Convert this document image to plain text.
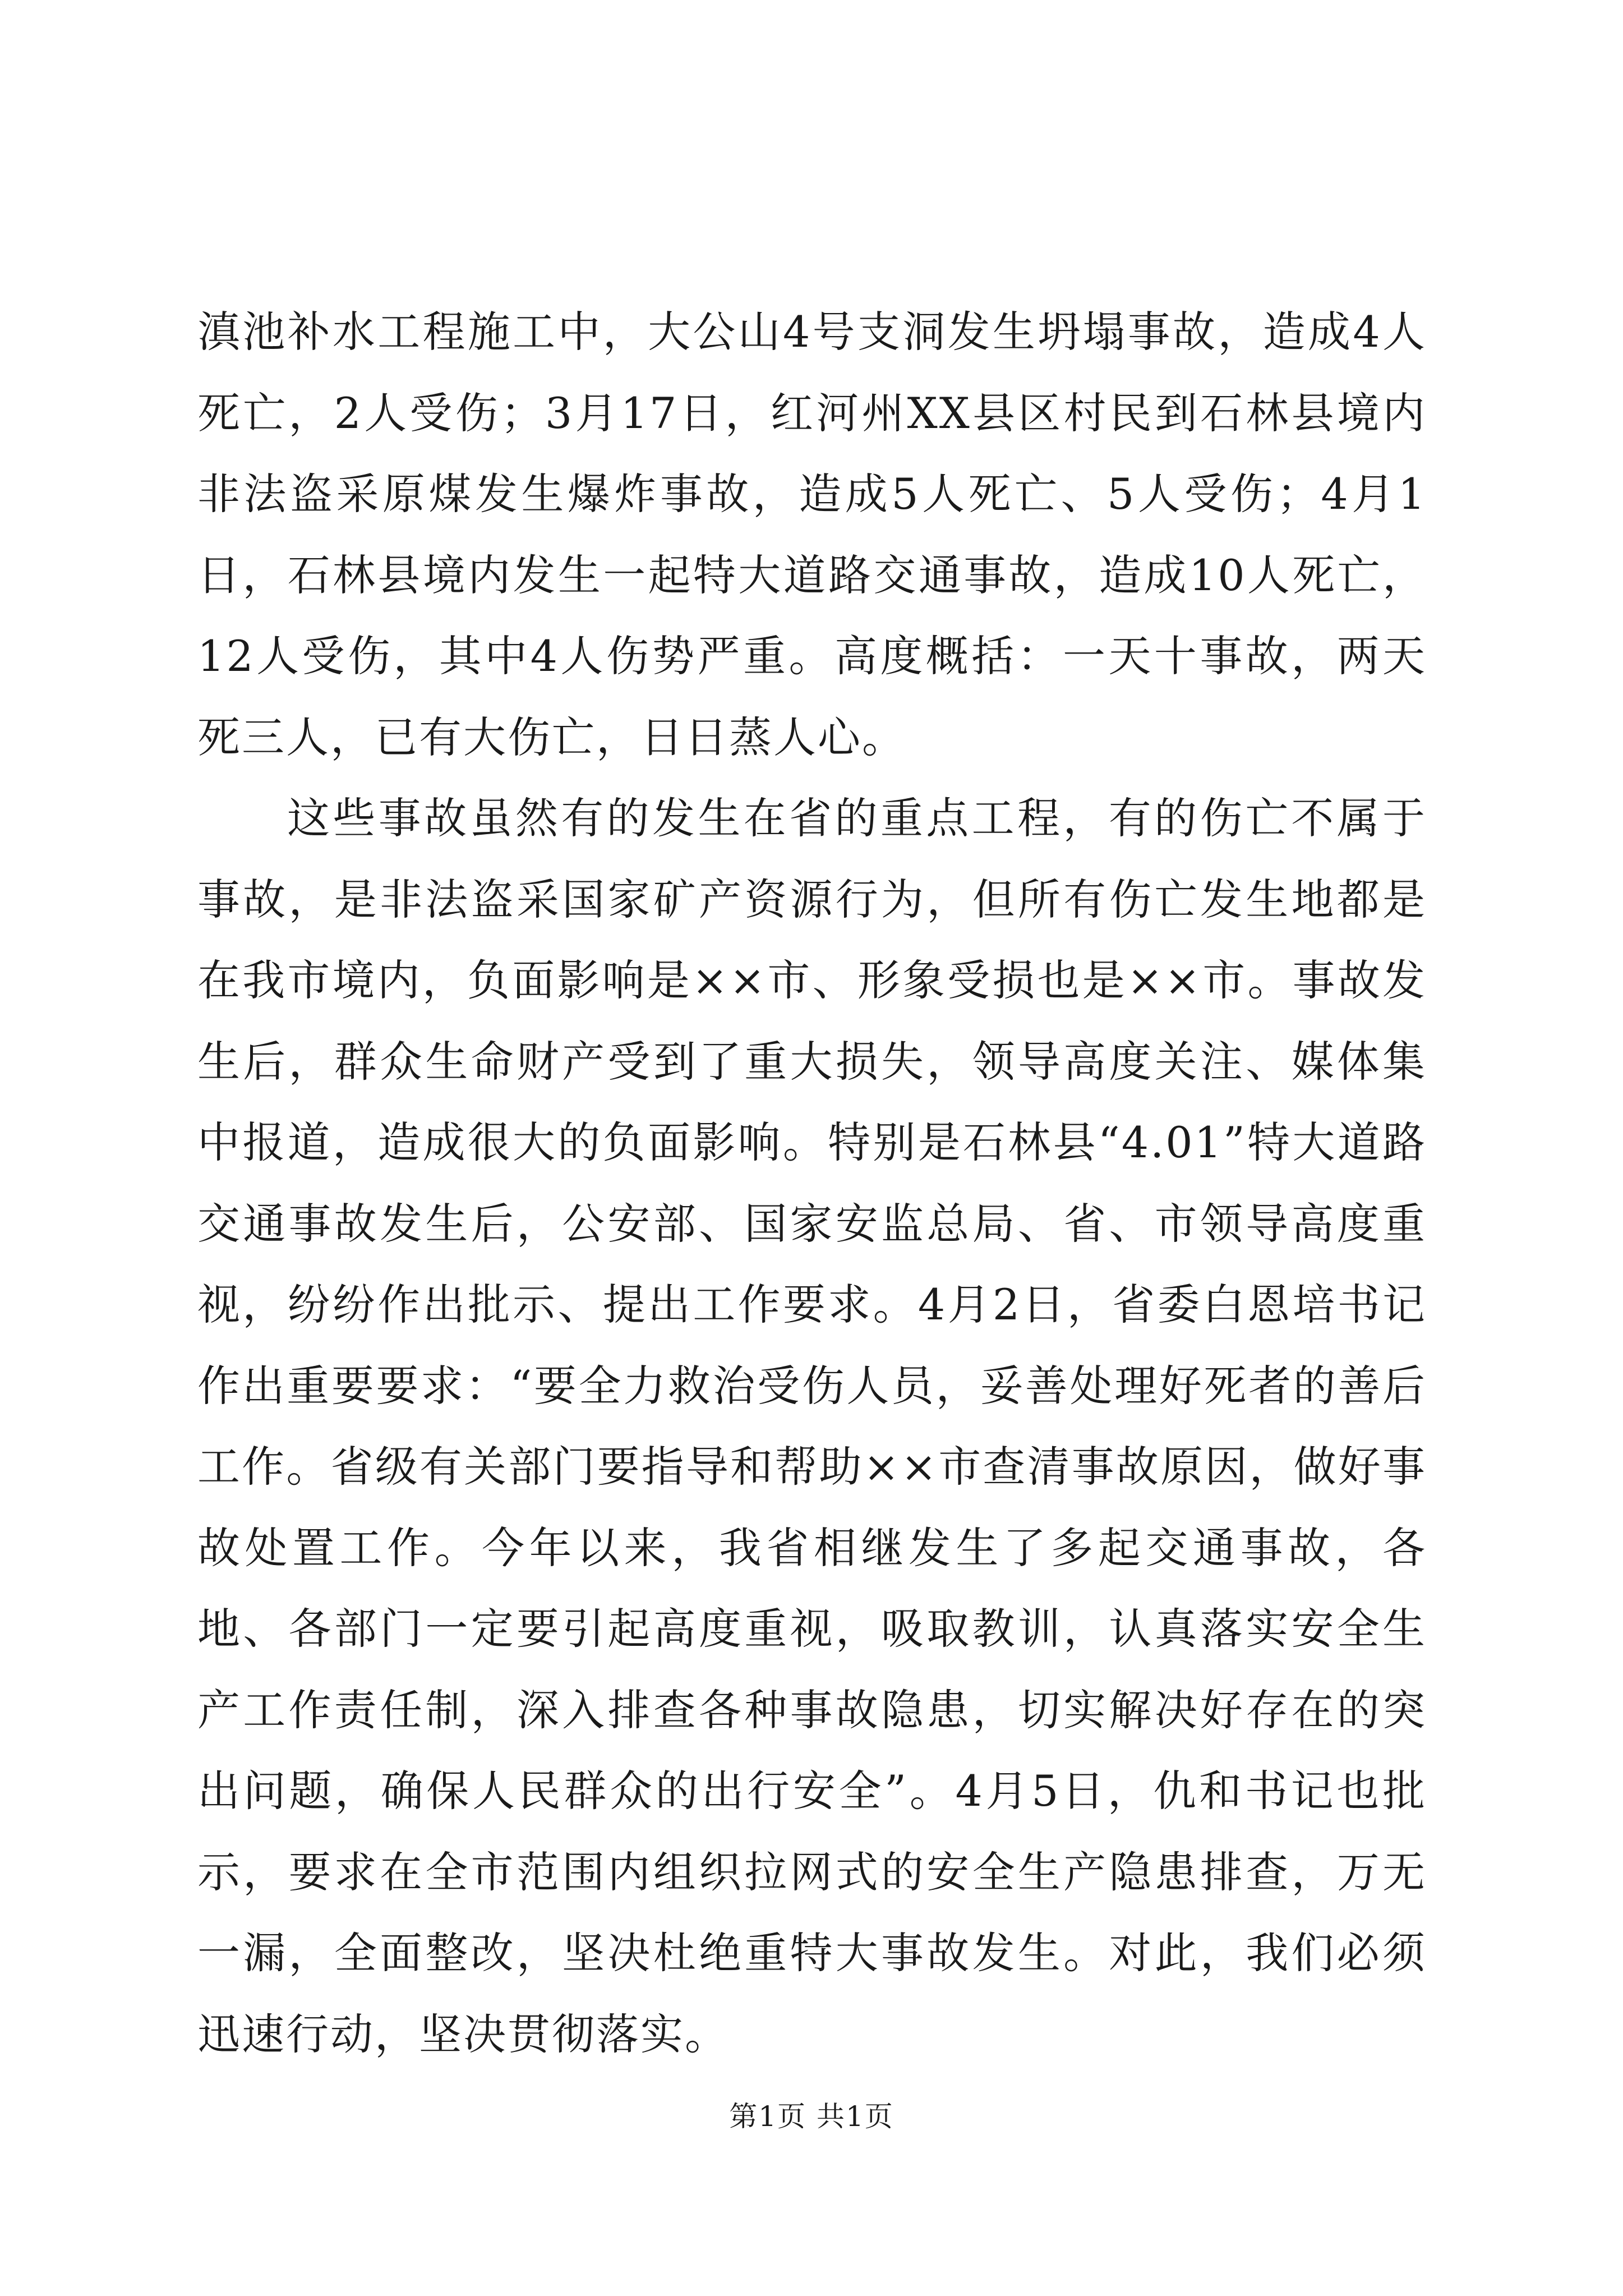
滇池补水工程施工中，大公山4号支洞发生坍塌事故，造成4人死亡，2人受伤；3月17日，红河州XX县区村民到石林县境内非法盗采原煤发生爆炸事故，造成5人死亡、5人受伤；4月1日，石林县境内发生一起特大道路交通事故，造成10人死亡，12人受伤，其中4人伤势严重。高度概括：一天十事故，两天死三人，已有大伤亡，日日蒸人心。

这些事故虽然有的发生在省的重点工程，有的伤亡不属于事故，是非法盗采国家矿产资源行为，但所有伤亡发生地都是在我市境内，负面影响是××市、形象受损也是××市。事故发生后，群众生命财产受到了重大损失，领导高度关注、媒体集中报道，造成很大的负面影响。特别是石林县“4.01”特大道路交通事故发生后，公安部、国家安监总局、省、市领导高度重视，纷纷作出批示、提出工作要求。4月2日，省委白恩培书记作出重要要求：“要全力救治受伤人员，妥善处理好死者的善后工作。省级有关部门要指导和帮助××市查清事故原因，做好事故处置工作。今年以来，我省相继发生了多起交通事故，各地、各部门一定要引起高度重视，吸取教训，认真落实安全生产工作责任制，深入排查各种事故隐患，切实解决好存在的突出问题，确保人民群众的出行安全”。4月5日，仇和书记也批示，要求在全市范围内组织拉网式的安全生产隐患排查，万无一漏，全面整改，坚决杜绝重特大事故发生。对此，我们必须迅速行动，坚决贯彻落实。

第1页 共1页
